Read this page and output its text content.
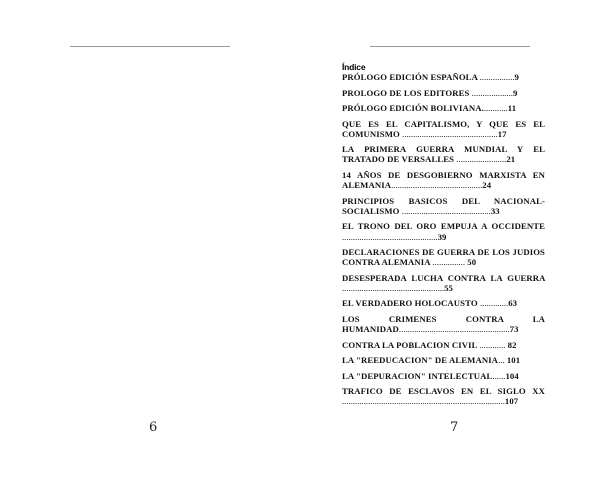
6
Índice
PRÓLOGO EDICIÓN ESPAÑOLA ................9
PROLOGO DE LOS EDITORES ...................9
PRÓLOGO EDICIÓN BOLIVIANA............11
QUE ES EL CAPITALISMO, Y QUE ES EL COMUNISMO ............................................17
LA PRIMERA GUERRA MUNDIAL Y EL TRATADO DE VERSALLES .......................21
14 AÑOS DE DESGOBIERNO MARXISTA EN ALEMANIA..........................................24
PRINCIPIOS BASICOS DEL NACIONAL-SOCIALISMO .........................................33
EL TRONO DEL ORO EMPUJA A OCCIDENTE ............................................39
DECLARACIONES DE GUERRA DE LOS JUDIOS CONTRA ALEMANIA ............... 50
DESESPERADA LUCHA CONTRA LA GUERRA ...............................................55
EL VERDADERO HOLOCAUSTO .............63
LOS CRIMENES CONTRA LA HUMANIDAD...................................................73
CONTRA LA POBLACION CIVIL ............ 82
LA "REEDUCACION" DE ALEMANIA... 101
LA "DEPURACION" INTELECTUAL......104
TRAFICO DE ESCLAVOS EN EL SIGLO XX ...........................................................................107
7
